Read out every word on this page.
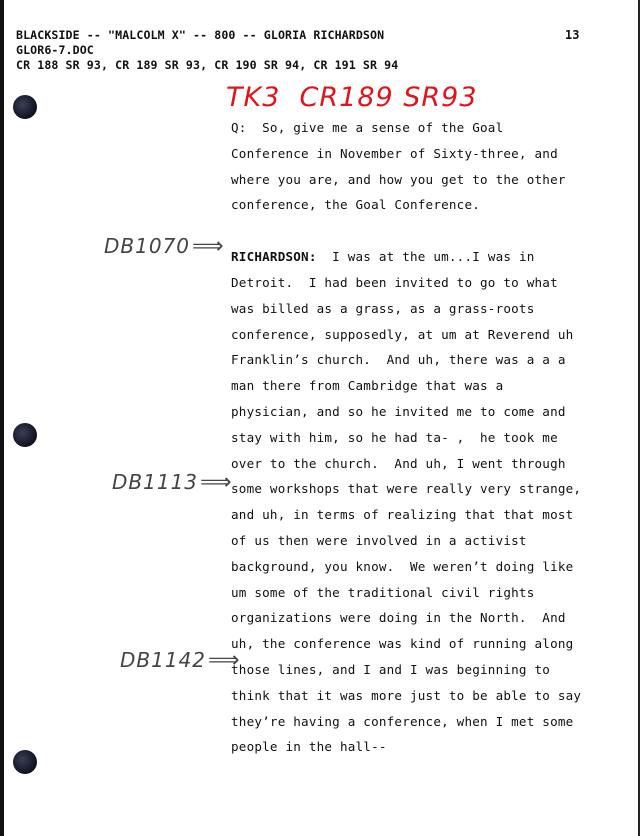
BLACKSIDE -- "MALCOLM X" -- 800 -- GLORIA RICHARDSON
GLOR6-7.DOC
CR 188 SR 93, CR 189 SR 93, CR 190 SR 94, CR 191 SR 94
13
TK3  CR189 SR93
DB1070⟹
DB1113⟹
DB1142⟹
Q:  So, give me a sense of the Goal
Conference in November of Sixty-three, and
where you are, and how you get to the other
conference, the Goal Conference.
RICHARDSON:  I was at the um...I was in
Detroit.  I had been invited to go to what
was billed as a grass, as a grass-roots
conference, supposedly, at um at Reverend uh
Franklin’s church.  And uh, there was a a a
man there from Cambridge that was a
physician, and so he invited me to come and
stay with him, so he had ta- ,  he took me
over to the church.  And uh, I went through
some workshops that were really very strange,
and uh, in terms of realizing that that most
of us then were involved in a activist
background, you know.  We weren’t doing like
um some of the traditional civil rights
organizations were doing in the North.  And
uh, the conference was kind of running along
those lines, and I and I was beginning to
think that it was more just to be able to say
they’re having a conference, when I met some
people in the hall--
